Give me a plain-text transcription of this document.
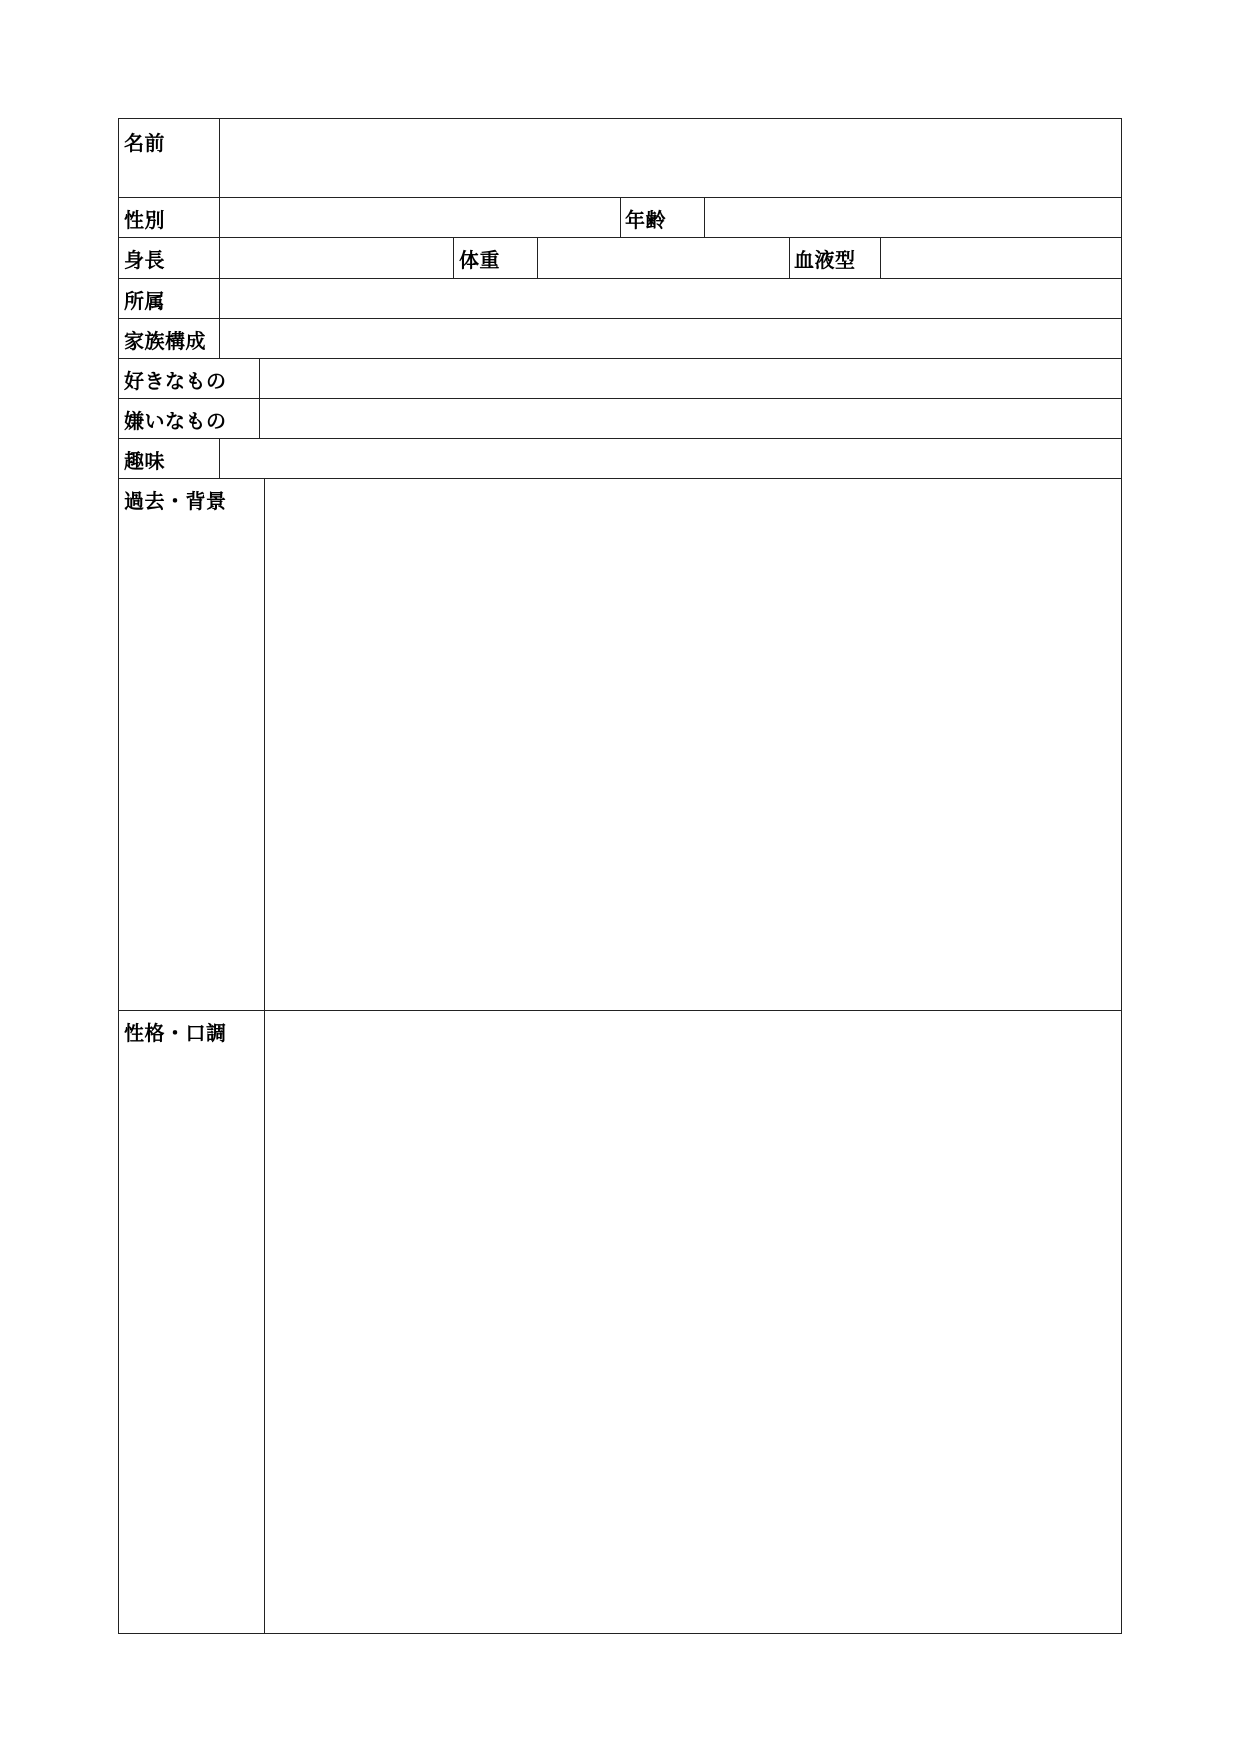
名前
性別	年齢
身長	体重	血液型
所属
家族構成
好きなもの
嫌いなもの
趣味
過去・背景
性格・口調
